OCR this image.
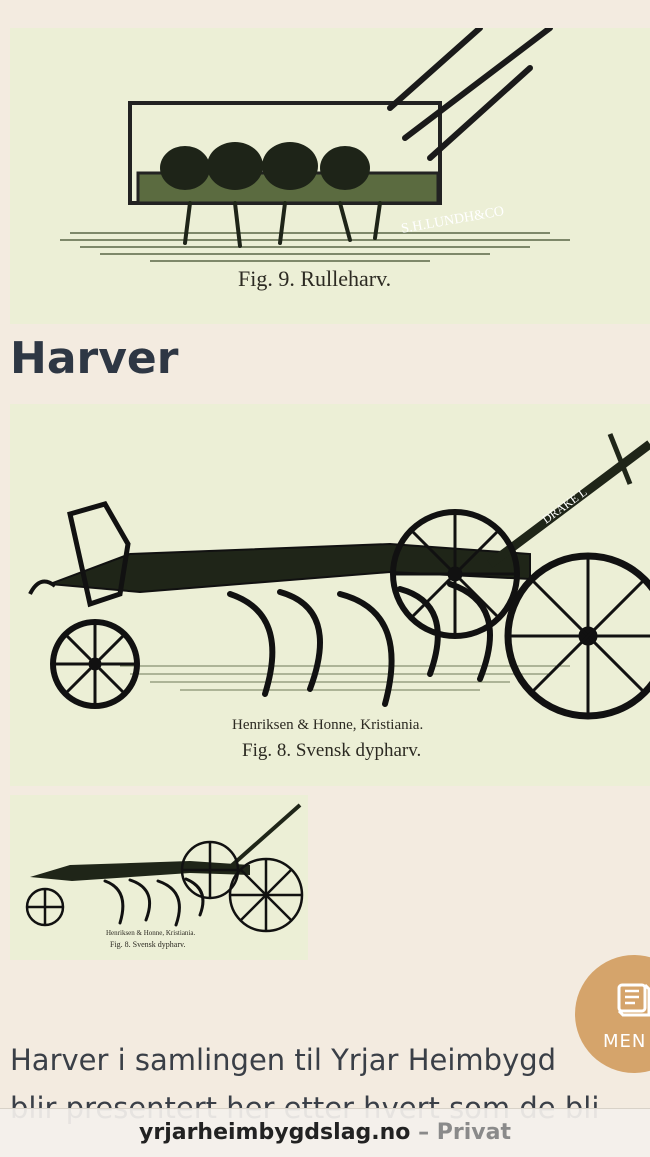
S.H.LUNDH&CO
Fig. 9. Rulleharv.
Harver
DRAKE L
Henriksen & Honne, Kristiania.
Fig. 8. Svensk dypharv.
Henriksen & Honne, Kristiania.
Fig. 8. Svensk dypharv.
Harver i samlingen til Yrjar Heimbygd
MEN
yrjarheimbygdslag.no – Privat
